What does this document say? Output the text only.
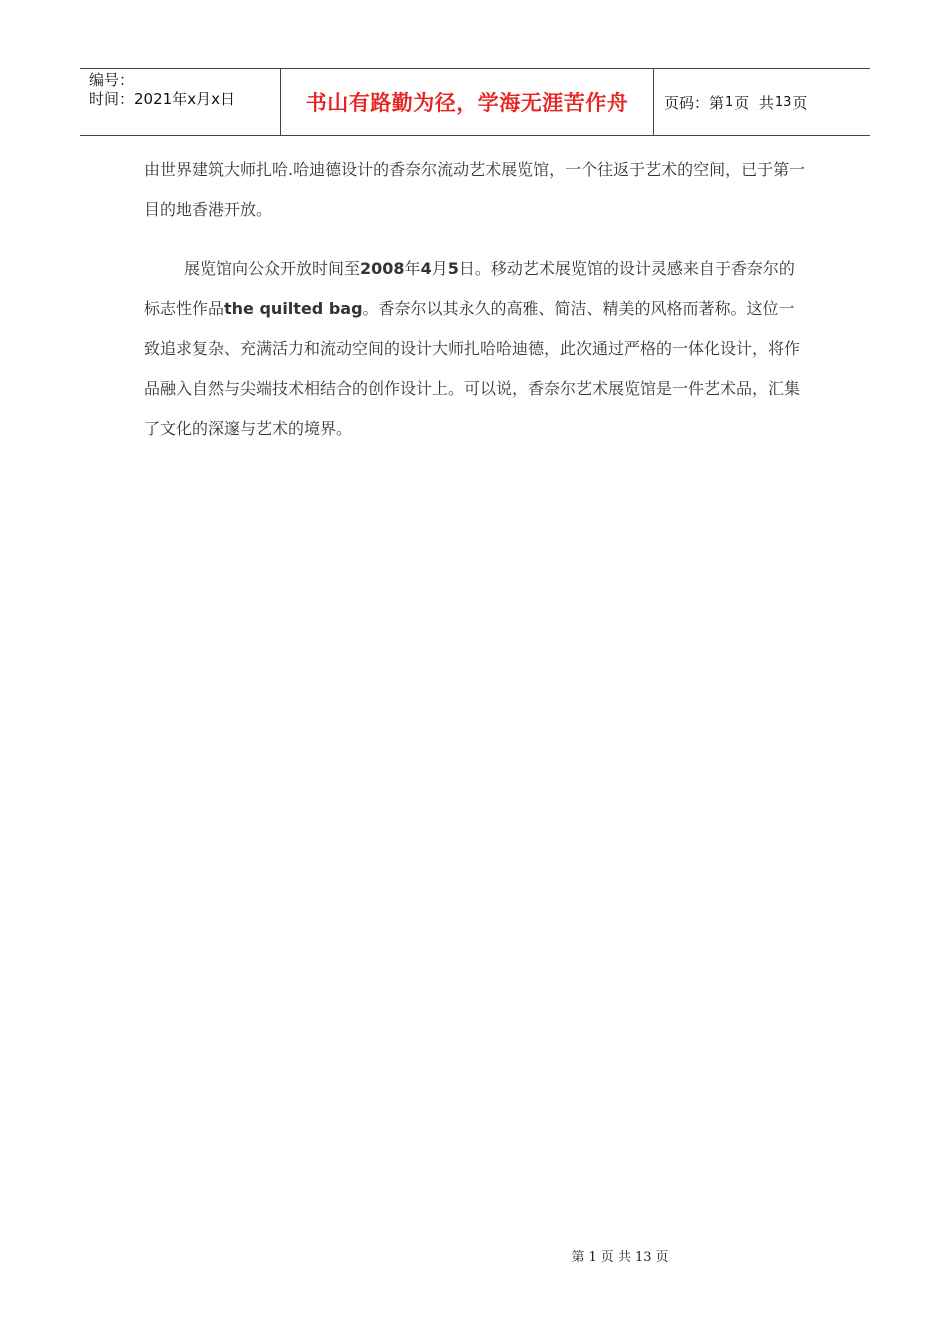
编号：
时间：2021年x月x日	书山有路勤为径，学海无涯苦作舟	页码：第 1 页  共 13 页

由世界建筑大师扎哈.哈迪德设计的香奈尔流动艺术展览馆，一个往返于艺术的空间，已于第一目的地香港开放。

展览馆向公众开放时间至2008年4月5日。移动艺术展览馆的设计灵感来自于香奈尔的标志性作品the quilted bag。香奈尔以其永久的高雅、简洁、精美的风格而著称。这位一致追求复杂、充满活力和流动空间的设计大师扎哈哈迪德，此次通过严格的一体化设计，将作品融入自然与尖端技术相结合的创作设计上。可以说，香奈尔艺术展览馆是一件艺术品，汇集了文化的深邃与艺术的境界。

第 1 页 共 13 页
